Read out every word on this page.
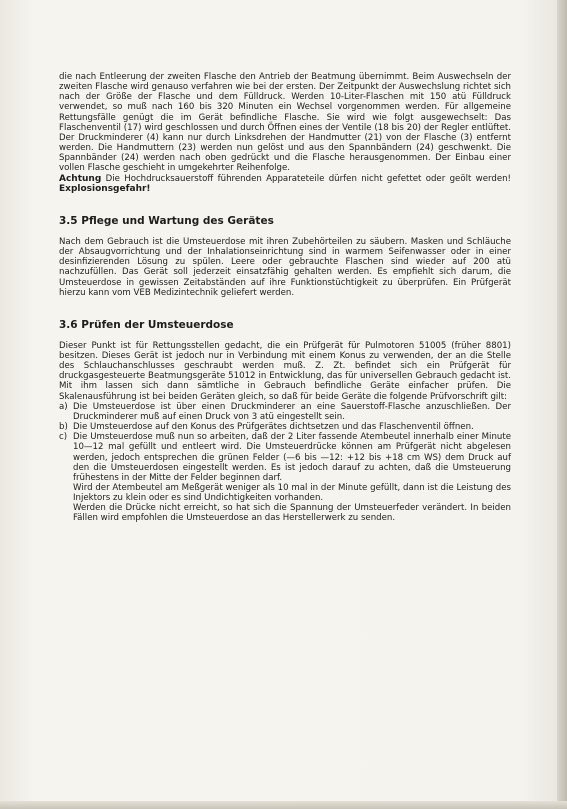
die nach Entleerung der zweiten Flasche den Antrieb der Beatmung übernimmt. Beim Auswechseln der zweiten Flasche wird genauso verfahren wie bei der ersten. Der Zeitpunkt der Auswechslung richtet sich nach der Größe der Flasche und dem Fülldruck. Werden 10-Liter-Flaschen mit 150 atü Fülldruck verwendet, so muß nach 160 bis 320 Minuten ein Wechsel vorgenommen werden. Für allgemeine Rettungsfälle genügt die im Gerät befindliche Flasche. Sie wird wie folgt ausgewechselt: Das Flaschenventil (17) wird geschlossen und durch Öffnen eines der Ventile (18 bis 20) der Regler entlüftet. Der Druckminderer (4) kann nur durch Linksdrehen der Handmutter (21) von der Flasche (3) entfernt werden. Die Handmuttern (23) werden nun gelöst und aus den Spannbändern (24) geschwenkt. Die Spannbänder (24) werden nach oben gedrückt und die Flasche herausgenommen. Der Einbau einer vollen Flasche geschieht in umgekehrter Reihenfolge.

Achtung Die Hochdrucksauerstoff führenden Apparateteile dürfen nicht gefettet oder geölt werden! Explosionsgefahr!

3.5 Pflege und Wartung des Gerätes

Nach dem Gebrauch ist die Umsteuerdose mit ihren Zubehörteilen zu säubern. Masken und Schläuche der Absaugvorrichtung und der Inhalationseinrichtung sind in warmem Seifenwasser oder in einer desinfizierenden Lösung zu spülen. Leere oder gebrauchte Flaschen sind wieder auf 200 atü nachzufüllen. Das Gerät soll jederzeit einsatzfähig gehalten werden. Es empfiehlt sich darum, die Umsteuerdose in gewissen Zeitabständen auf ihre Funktionstüchtigkeit zu überprüfen. Ein Prüfgerät hierzu kann vom VEB Medizintechnik geliefert werden.

3.6 Prüfen der Umsteuerdose

Dieser Punkt ist für Rettungsstellen gedacht, die ein Prüfgerät für Pulmotoren 51005 (früher 8801) besitzen. Dieses Gerät ist jedoch nur in Verbindung mit einem Konus zu verwenden, der an die Stelle des Schlauchanschlusses geschraubt werden muß. Z. Zt. befindet sich ein Prüfgerät für druckgasgesteuerte Beatmungsgeräte 51012 in Entwicklung, das für universellen Gebrauch gedacht ist. Mit ihm lassen sich dann sämtliche in Gebrauch befindliche Geräte einfacher prüfen. Die Skalenausführung ist bei beiden Geräten gleich, so daß für beide Geräte die folgende Prüfvorschrift gilt:

a) Die Umsteuerdose ist über einen Druckminderer an eine Sauerstoff-Flasche anzuschließen. Der Druckminderer muß auf einen Druck von 3 atü eingestellt sein.
b) Die Umsteuerdose auf den Konus des Prüfgerätes dichtsetzen und das Flaschenventil öffnen.
c) Die Umsteuerdose muß nun so arbeiten, daß der 2 Liter fassende Atembeutel innerhalb einer Minute 10—12 mal gefüllt und entleert wird. Die Umsteuerdrücke können am Prüfgerät nicht abgelesen werden, jedoch entsprechen die grünen Felder (—6 bis —12: +12 bis +18 cm WS) dem Druck auf den die Umsteuerdosen eingestellt werden. Es ist jedoch darauf zu achten, daß die Umsteuerung frühestens in der Mitte der Felder beginnen darf.

Wird der Atembeutel am Meßgerät weniger als 10 mal in der Minute gefüllt, dann ist die Leistung des Injektors zu klein oder es sind Undichtigkeiten vorhanden.

Werden die Drücke nicht erreicht, so hat sich die Spannung der Umsteuerfeder verändert. In beiden Fällen wird empfohlen die Umsteuerdose an das Herstellerwerk zu senden.
